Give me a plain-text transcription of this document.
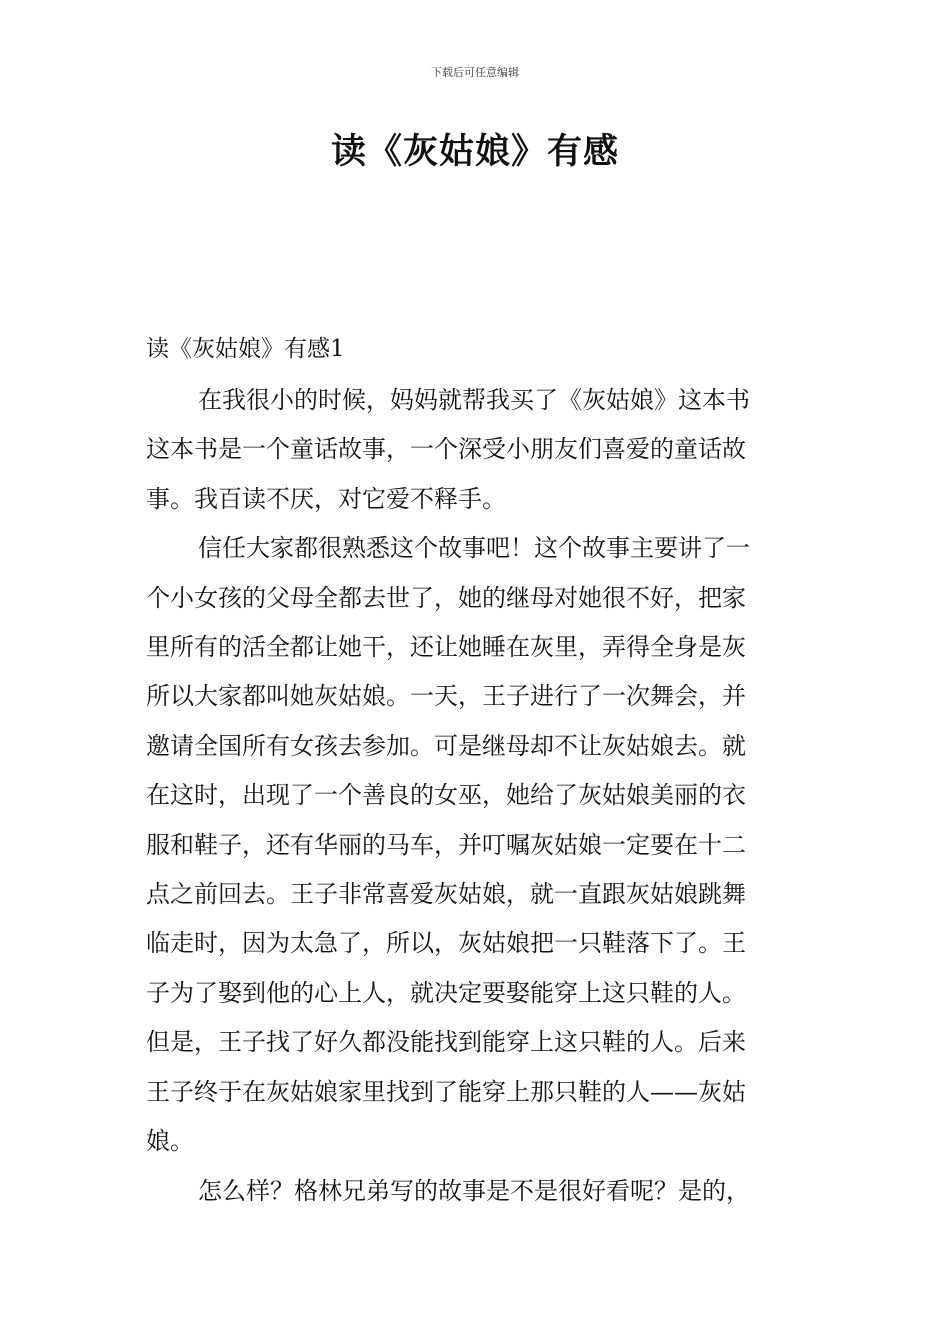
下载后可任意编辑
读《灰姑娘》有感
读《灰姑娘》有感1

在我很小的时候，妈妈就帮我买了《灰姑娘》这本书
这本书是一个童话故事，一个深受小朋友们喜爱的童话故
事。我百读不厌，对它爱不释手。

信任大家都很熟悉这个故事吧！这个故事主要讲了一
个小女孩的父母全都去世了，她的继母对她很不好，把家
里所有的活全都让她干，还让她睡在灰里，弄得全身是灰
所以大家都叫她灰姑娘。一天，王子进行了一次舞会，并
邀请全国所有女孩去参加。可是继母却不让灰姑娘去。就
在这时，出现了一个善良的女巫，她给了灰姑娘美丽的衣
服和鞋子，还有华丽的马车，并叮嘱灰姑娘一定要在十二
点之前回去。王子非常喜爱灰姑娘，就一直跟灰姑娘跳舞
临走时，因为太急了，所以，灰姑娘把一只鞋落下了。王
子为了娶到他的心上人，就决定要娶能穿上这只鞋的人。
但是，王子找了好久都没能找到能穿上这只鞋的人。后来
王子终于在灰姑娘家里找到了能穿上那只鞋的人——灰姑
娘。

怎么样？格林兄弟写的故事是不是很好看呢？是的，
